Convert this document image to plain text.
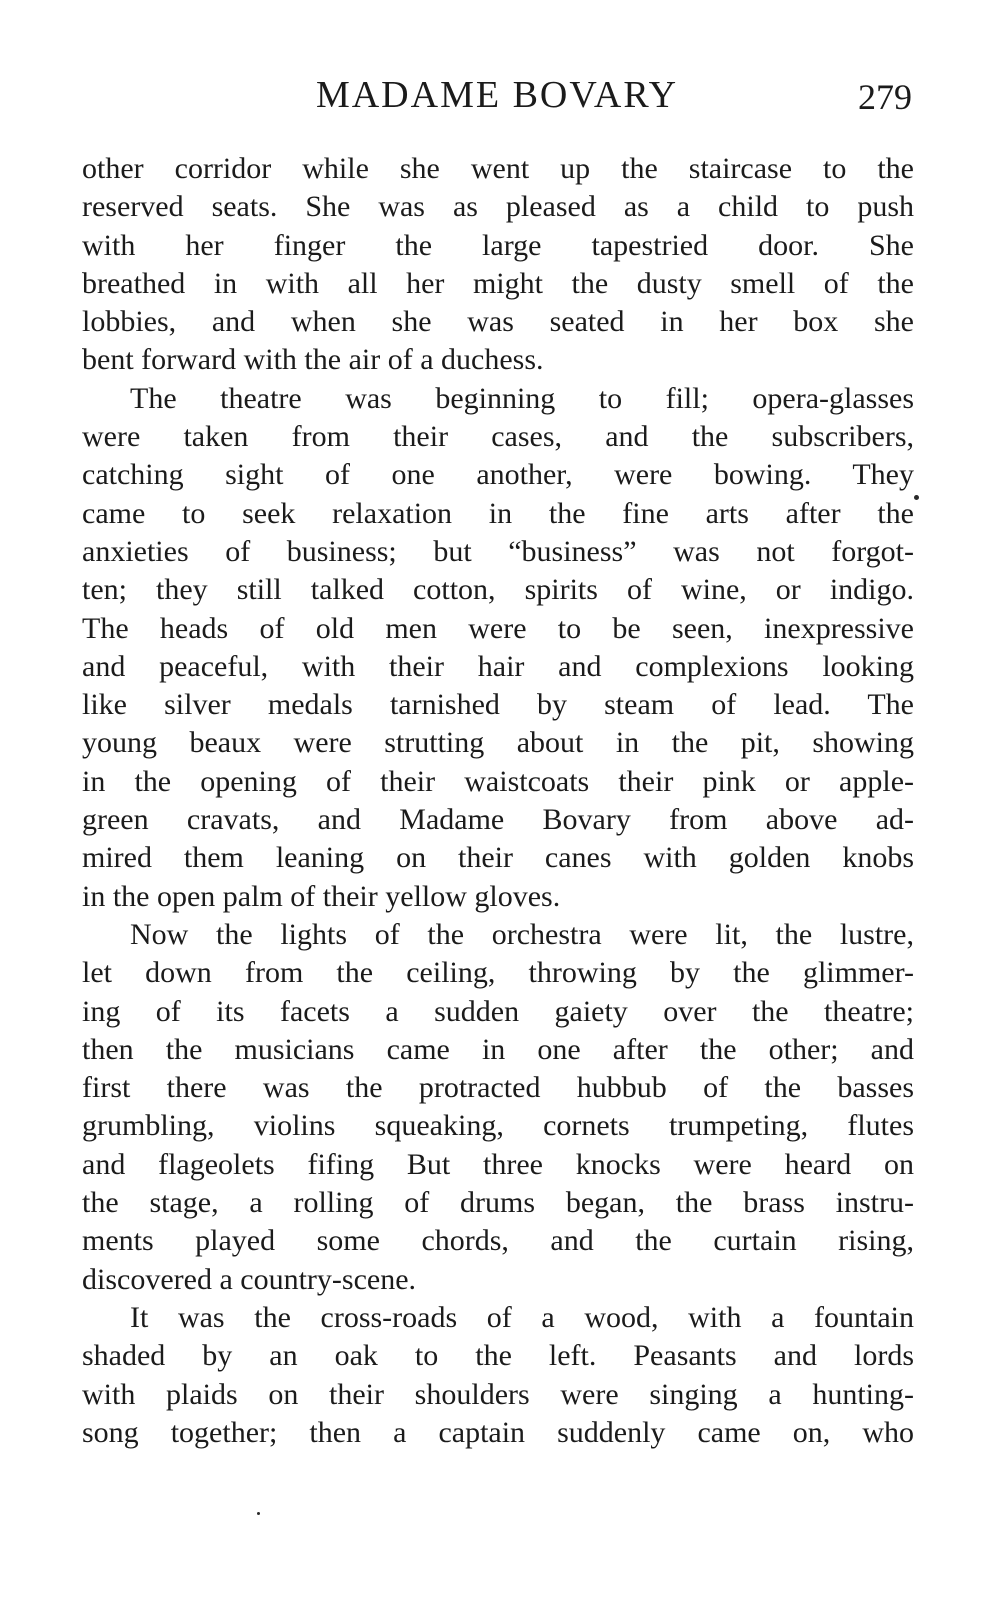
MADAME BOVARY	279
other corridor while she went up the staircase to the
reserved seats. She was as pleased as a child to push
with her finger the large tapestried door. She
breathed in with all her might the dusty smell of the
lobbies, and when she was seated in her box she
bent forward with the air of a duchess.
The theatre was beginning to fill; opera-glasses
were taken from their cases, and the subscribers,
catching sight of one another, were bowing. They
came to seek relaxation in the fine arts after the
anxieties of business; but “business” was not forgot-
ten; they still talked cotton, spirits of wine, or indigo.
The heads of old men were to be seen, inexpressive
and peaceful, with their hair and complexions looking
like silver medals tarnished by steam of lead. The
young beaux were strutting about in the pit, showing
in the opening of their waistcoats their pink or apple-
green cravats, and Madame Bovary from above ad-
mired them leaning on their canes with golden knobs
in the open palm of their yellow gloves.
Now the lights of the orchestra were lit, the lustre,
let down from the ceiling, throwing by the glimmer-
ing of its facets a sudden gaiety over the theatre;
then the musicians came in one after the other; and
first there was the protracted hubbub of the basses
grumbling, violins squeaking, cornets trumpeting, flutes
and flageolets fifing But three knocks were heard on
the stage, a rolling of drums began, the brass instru-
ments played some chords, and the curtain rising,
discovered a country-scene.
It was the cross-roads of a wood, with a fountain
shaded by an oak to the left. Peasants and lords
with plaids on their shoulders were singing a hunting-
song together; then a captain suddenly came on, who
